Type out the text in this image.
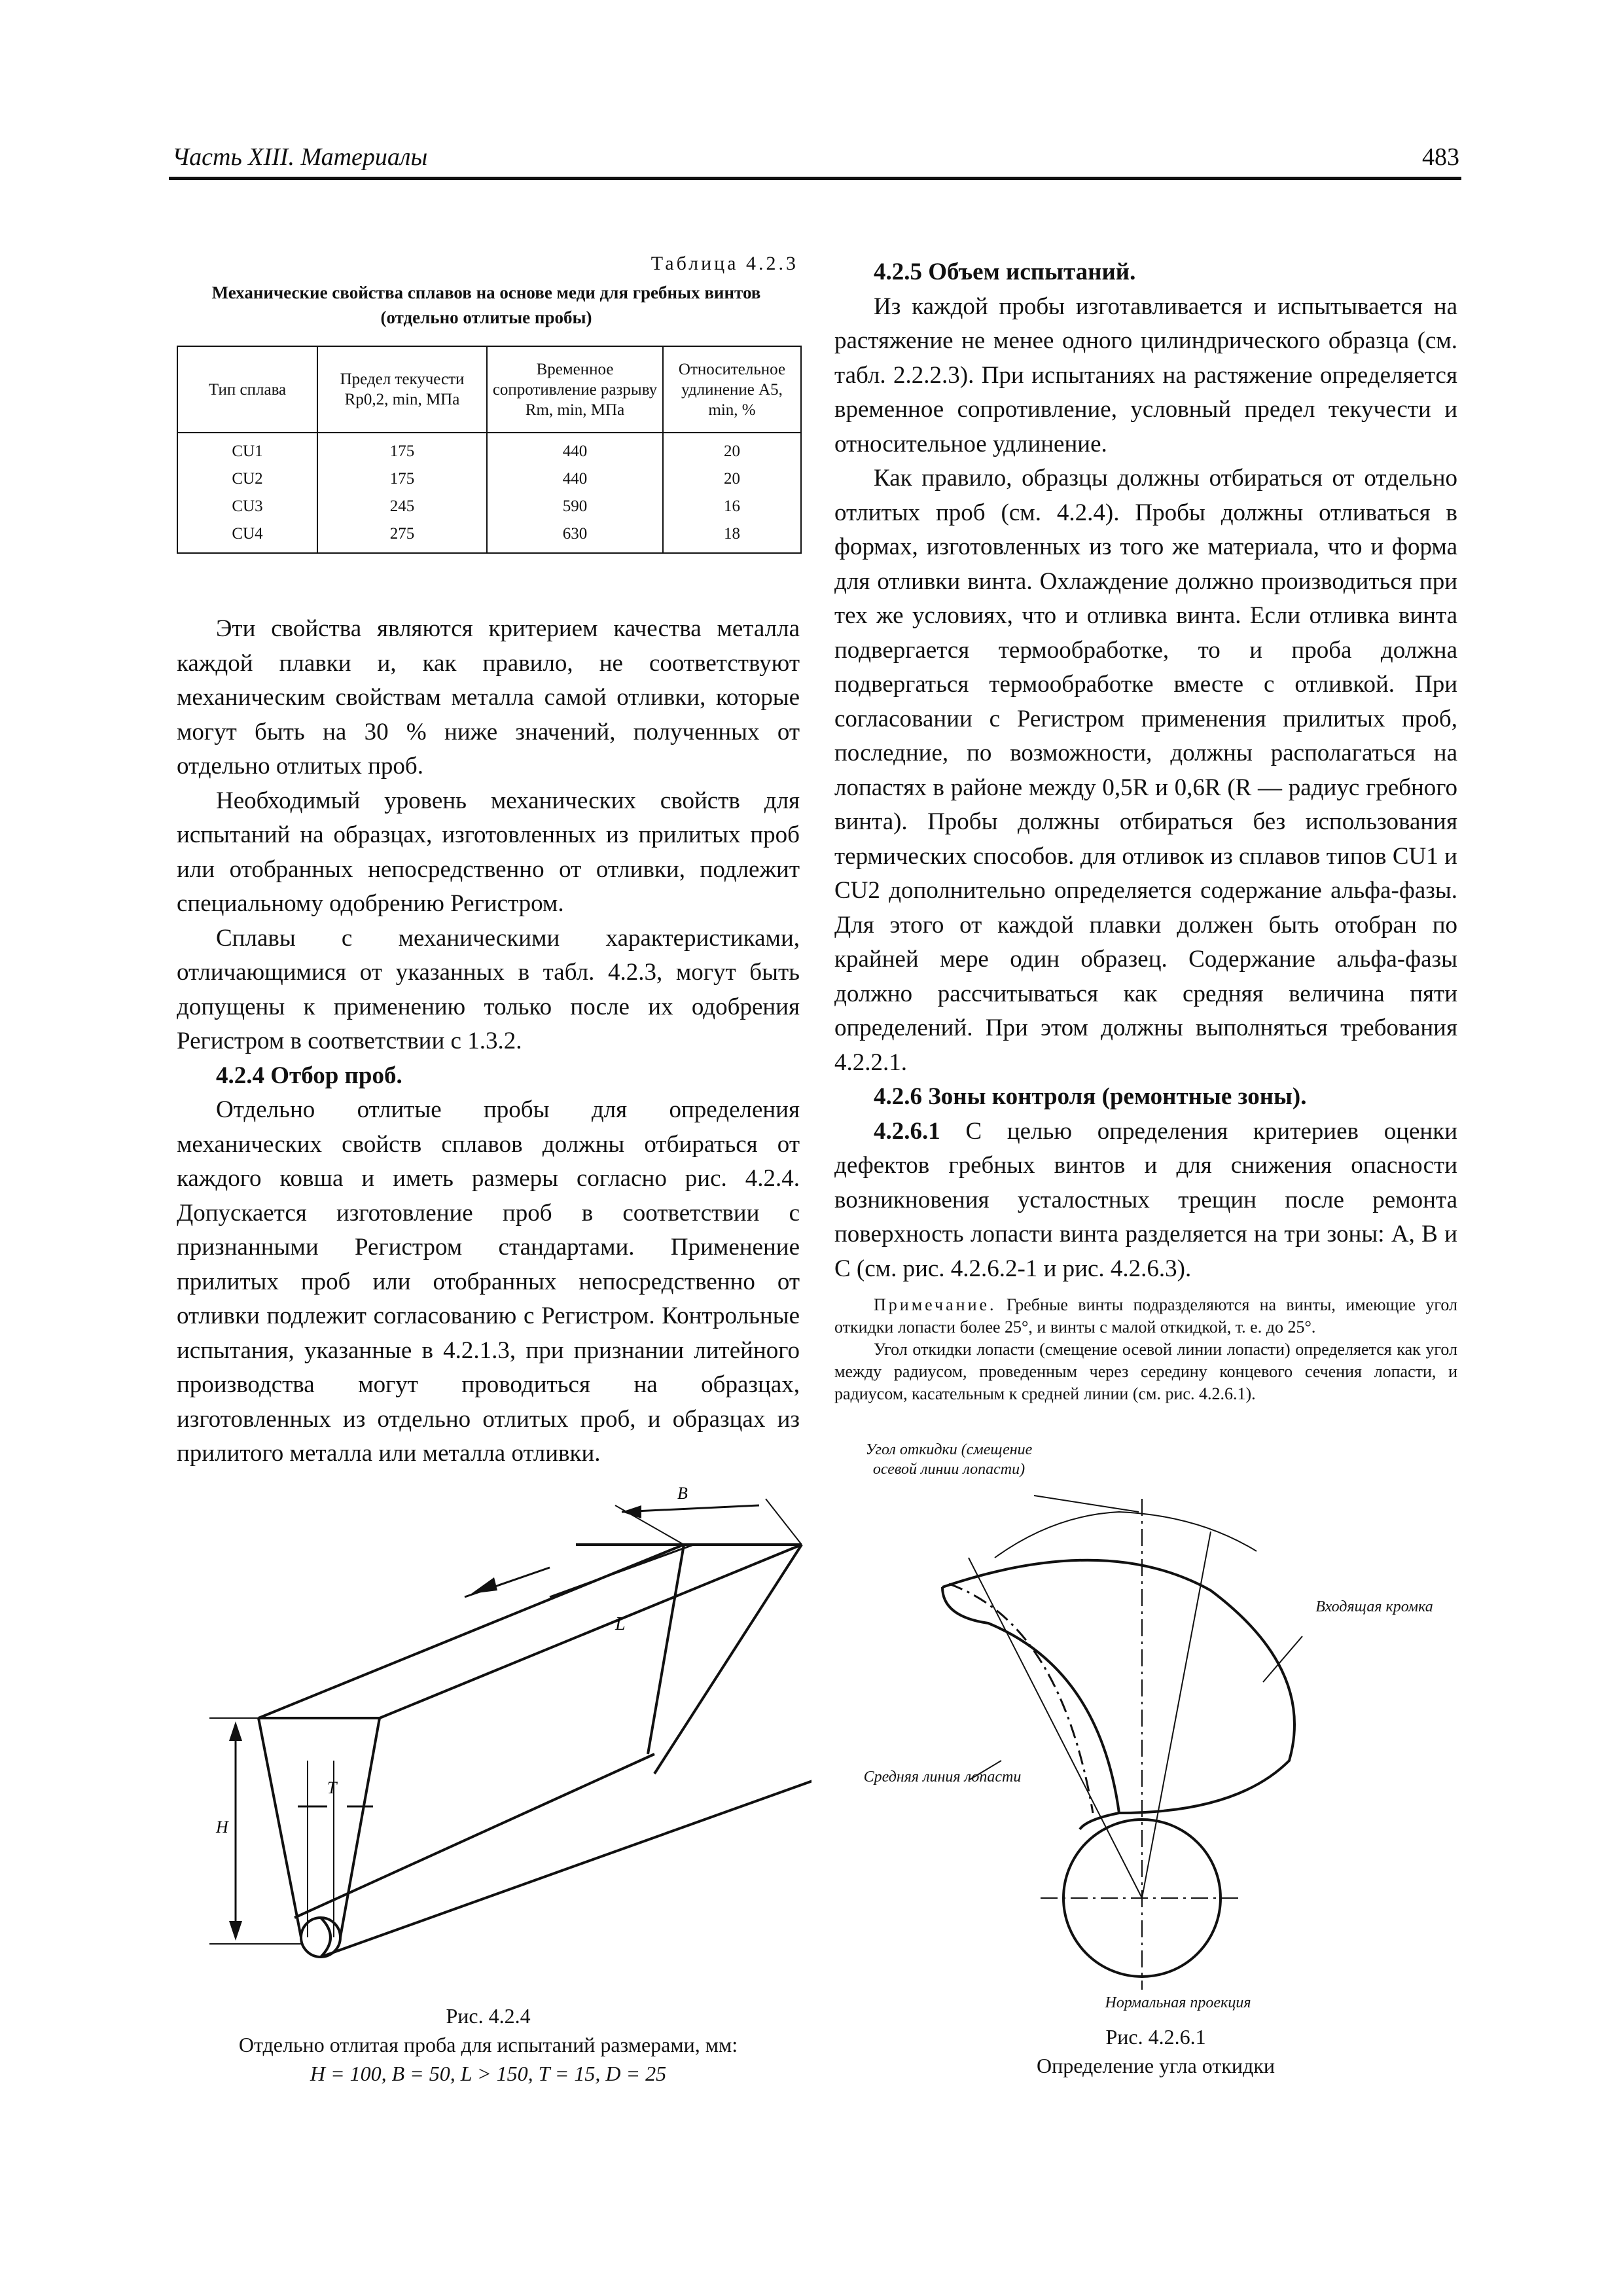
Часть XIII. Материалы	483
Таблица 4.2.3
Механические свойства сплавов на основе меди для гребных винтов (отдельно отлитые пробы)
Тип сплава	Предел текучести Rp0,2, min, МПа	Временное сопротивление разрыву Rm, min, МПа	Относительное удлинение A5, min, %
CU1	175	440	20
CU2	175	440	20
CU3	245	590	16
CU4	275	630	18

Эти свойства являются критерием качества металла каждой плавки и, как правило, не соответствуют механическим свойствам металла самой отливки, которые могут быть на 30 % ниже значений, полученных от отдельно отлитых проб.

Необходимый уровень механических свойств для испытаний на образцах, изготовленных из прилитых проб или отобранных непосредственно от отливки, подлежит специальному одобрению Регистром.

Сплавы с механическими характеристиками, отличающимися от указанных в табл. 4.2.3, могут быть допущены к применению только после их одобрения Регистром в соответствии с 1.3.2.

4.2.4 Отбор проб.

Отдельно отлитые пробы для определения механических свойств сплавов должны отбираться от каждого ковша и иметь размеры согласно рис. 4.2.4. Допускается изготовление проб в соответствии с признанными Регистром стандартами. Применение прилитых проб или отобранных непосредственно от отливки подлежит согласованию с Регистром. Контрольные испытания, указанные в 4.2.1.3, при признании литейного производства могут проводиться на образцах, изготовленных из отдельно отлитых проб, и образцах из прилитого металла или металла отливки.

4.2.5 Объем испытаний.

Из каждой пробы изготавливается и испытывается на растяжение не менее одного цилиндрического образца (см. табл. 2.2.2.3). При испытаниях на растяжение определяется временное сопротивление, условный предел текучести и относительное удлинение.

Как правило, образцы должны отбираться от отдельно отлитых проб (см. 4.2.4). Пробы должны отливаться в формах, изготовленных из того же материала, что и форма для отливки винта. Охлаждение должно производиться при тех же условиях, что и отливка винта. Если отливка винта подвергается термообработке, то и проба должна подвергаться термообработке вместе с отливкой. При согласовании с Регистром применения прилитых проб, последние, по возможности, должны располагаться на лопастях в районе между 0,5R и 0,6R (R — радиус гребного винта). Пробы должны отбираться без использования термических способов. для отливок из сплавов типов CU1 и CU2 дополнительно определяется содержание альфа-фазы. Для этого от каждой плавки должен быть отобран по крайней мере один образец. Содержание альфа-фазы должно рассчитываться как средняя величина пяти определений. При этом должны выполняться требования 4.2.2.1.

4.2.6 Зоны контроля (ремонтные зоны).

4.2.6.1 С целью определения критериев оценки дефектов гребных винтов и для снижения опасности возникновения усталостных трещин после ремонта поверхность лопасти винта разделяется на три зоны: A, B и C (см. рис. 4.2.6.2-1 и рис. 4.2.6.3).

Примечание. Гребные винты подразделяются на винты, имеющие угол откидки лопасти более 25°, и винты с малой откидкой, т. е. до 25°.

Угол откидки лопасти (смещение осевой линии лопасти) определяется как угол между радиусом, проведенным через середину концевого сечения лопасти, и радиусом, касательным к средней линии (см. рис. 4.2.6.1).

B
L
T
H
Рис. 4.2.4
Отдельно отлитая проба для испытаний размерами, мм:
H = 100, B = 50, L > 150, T = 15, D = 25
Угол откидки (смещение осевой линии лопасти)
Входящая кромка
Средняя линия лопасти
Нормальная проекция
Рис. 4.2.6.1
Определение угла откидки
